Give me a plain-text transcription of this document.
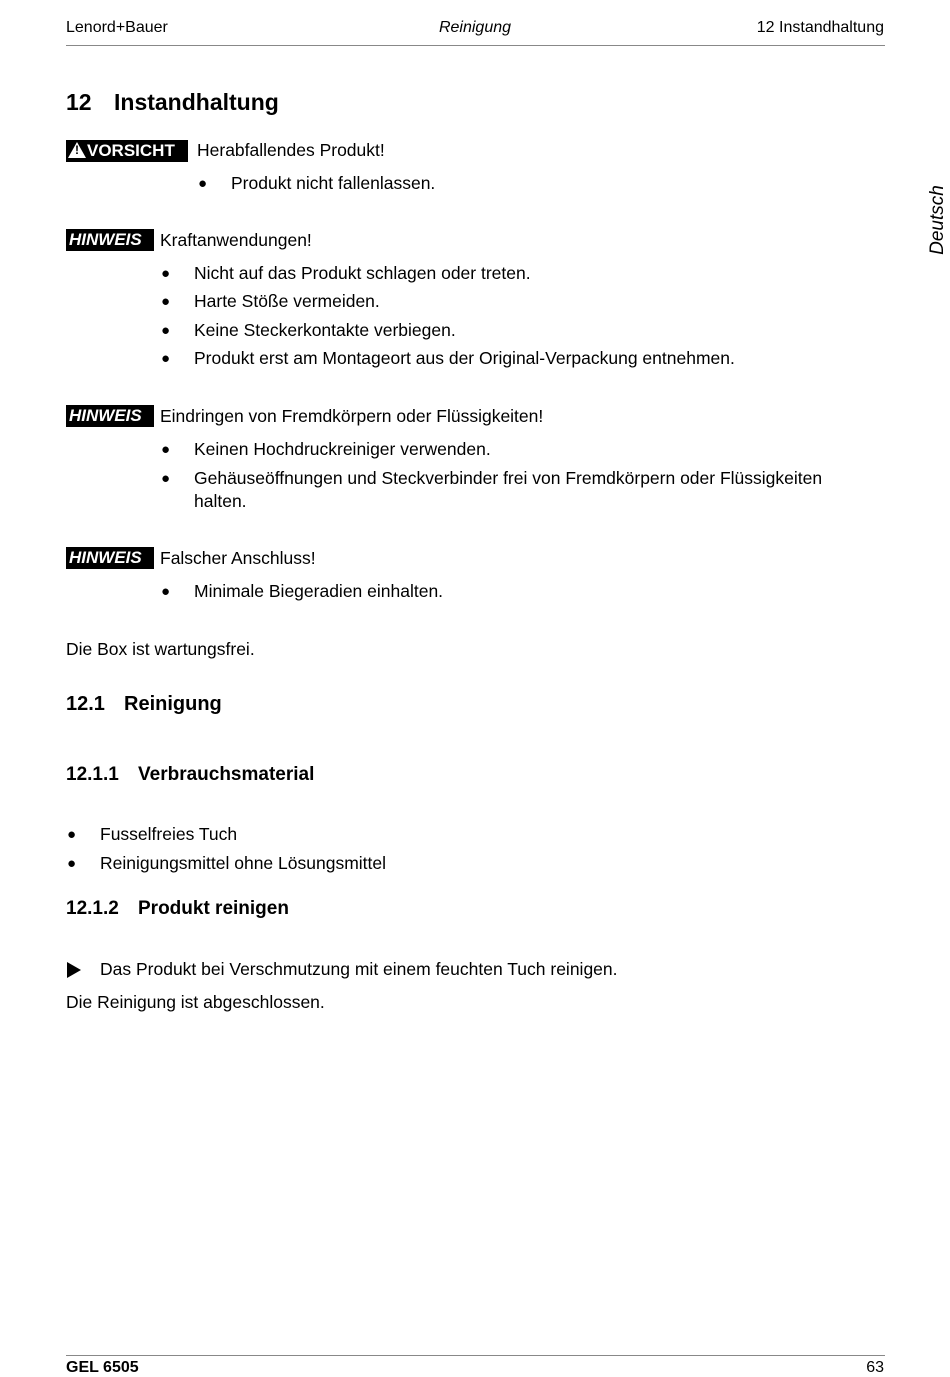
Lenord+Bauer	Reinigung	12 Instandhaltung
Deutsch
12 Instandhaltung
!VORSICHT	Herabfallendes Produkt!
● Produkt nicht fallenlassen.
HINWEIS	Kraftanwendungen!
● Nicht auf das Produkt schlagen oder treten.
● Harte Stöße vermeiden.
● Keine Steckerkontakte verbiegen.
● Produkt erst am Montageort aus der Original-Verpackung entnehmen.
HINWEIS	Eindringen von Fremdkörpern oder Flüssigkeiten!
● Keinen Hochdruckreiniger verwenden.
● Gehäuseöffnungen und Steckverbinder frei von Fremdkörpern oder Flüssigkeiten
halten.
HINWEIS	Falscher Anschluss!
● Minimale Biegeradien einhalten.
Die Box ist wartungsfrei.
12.1 Reinigung
12.1.1 Verbrauchsmaterial
● Fusselfreies Tuch
● Reinigungsmittel ohne Lösungsmittel
12.1.2 Produkt reinigen
Das Produkt bei Verschmutzung mit einem feuchten Tuch reinigen.
Die Reinigung ist abgeschlossen.
GEL 6505	63
